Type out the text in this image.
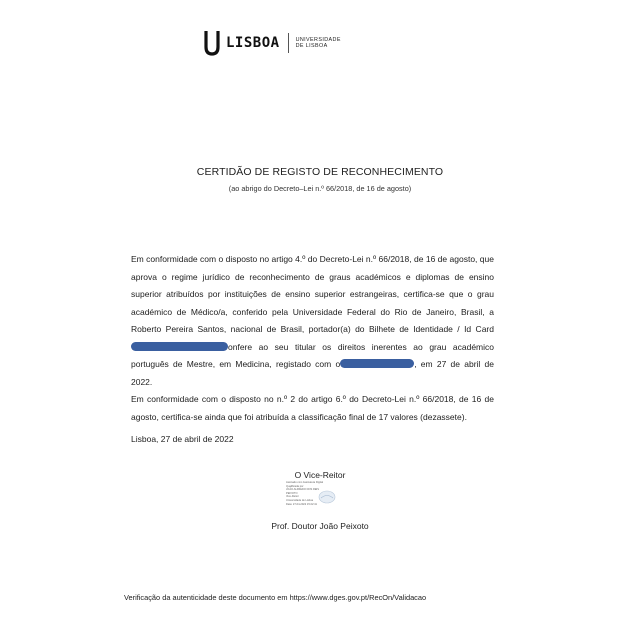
LISBOA	UNIVERSIDADE
DE LISBOA
CERTIDÃO DE REGISTO DE RECONHECIMENTO
(ao abrigo do Decreto–Lei n.º 66/2018, de 16 de agosto)

Em conformidade com o disposto no artigo 4.º do Decreto-Lei n.º 66/2018, de 16 de agosto, que aprova o regime jurídico de reconhecimento de graus académicos e diplomas de ensino superior atribuídos por instituições de ensino superior estrangeiras, certifica-se que o grau académico de Médico/a, conferido pela Universidade Federal do Rio de Janeiro, Brasil, a Roberto Pereira Santos, nacional de Brasil, portador(a) do Bilhete de Identidade / Id Card onfere ao seu titular os direitos inerentes ao grau académico português de Mestre, em Medicina, registado com o	, em 27 de abril de 2022.

Em conformidade com o disposto no n.º 2 do artigo 6.º do Decreto-Lei n.º 66/2018, de 16 de agosto, certifica-se ainda que foi atribuída a classificação final de 17 valores (dezassete).

Lisboa, 27 de abril de 2022
O Vice-Reitor
Assinado com Assinatura Digital
Qualificada por
JOÃO ALFREDO DOS REIS
PEIXOTO
Vice-Reitor
Universidade de Lisboa
Data: 27-04-2022 15:22:41
Prof. Doutor João Peixoto
Verificação da autenticidade deste documento em https://www.dges.gov.pt/RecOn/Validacao
